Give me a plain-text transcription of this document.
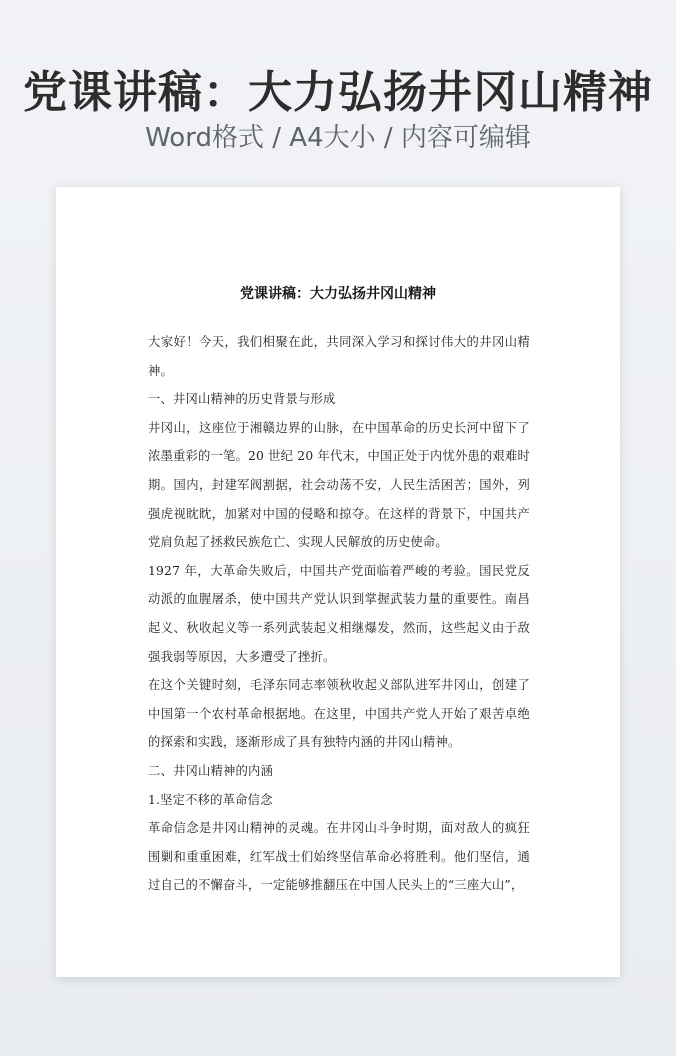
党课讲稿：大力弘扬井冈山精神
Word格式 / A4大小 / 内容可编辑
党课讲稿：大力弘扬井冈山精神

大家好！今天，我们相聚在此，共同深入学习和探讨伟大的井冈山精神。

一、井冈山精神的历史背景与形成

井冈山，这座位于湘赣边界的山脉，在中国革命的历史长河中留下了浓墨重彩的一笔。20 世纪 20 年代末，中国正处于内忧外患的艰难时期。国内，封建军阀割据，社会动荡不安，人民生活困苦；国外，列强虎视眈眈，加紧对中国的侵略和掠夺。在这样的背景下，中国共产党肩负起了拯救民族危亡、实现人民解放的历史使命。

1927 年，大革命失败后，中国共产党面临着严峻的考验。国民党反动派的血腥屠杀，使中国共产党认识到掌握武装力量的重要性。南昌起义、秋收起义等一系列武装起义相继爆发，然而，这些起义由于敌强我弱等原因，大多遭受了挫折。

在这个关键时刻，毛泽东同志率领秋收起义部队进军井冈山，创建了中国第一个农村革命根据地。在这里，中国共产党人开始了艰苦卓绝的探索和实践，逐渐形成了具有独特内涵的井冈山精神。

二、井冈山精神的内涵

1.坚定不移的革命信念

革命信念是井冈山精神的灵魂。在井冈山斗争时期，面对敌人的疯狂围剿和重重困难，红军战士们始终坚信革命必将胜利。他们坚信，通过自己的不懈奋斗，一定能够推翻压在中国人民头上的“三座大山”，
